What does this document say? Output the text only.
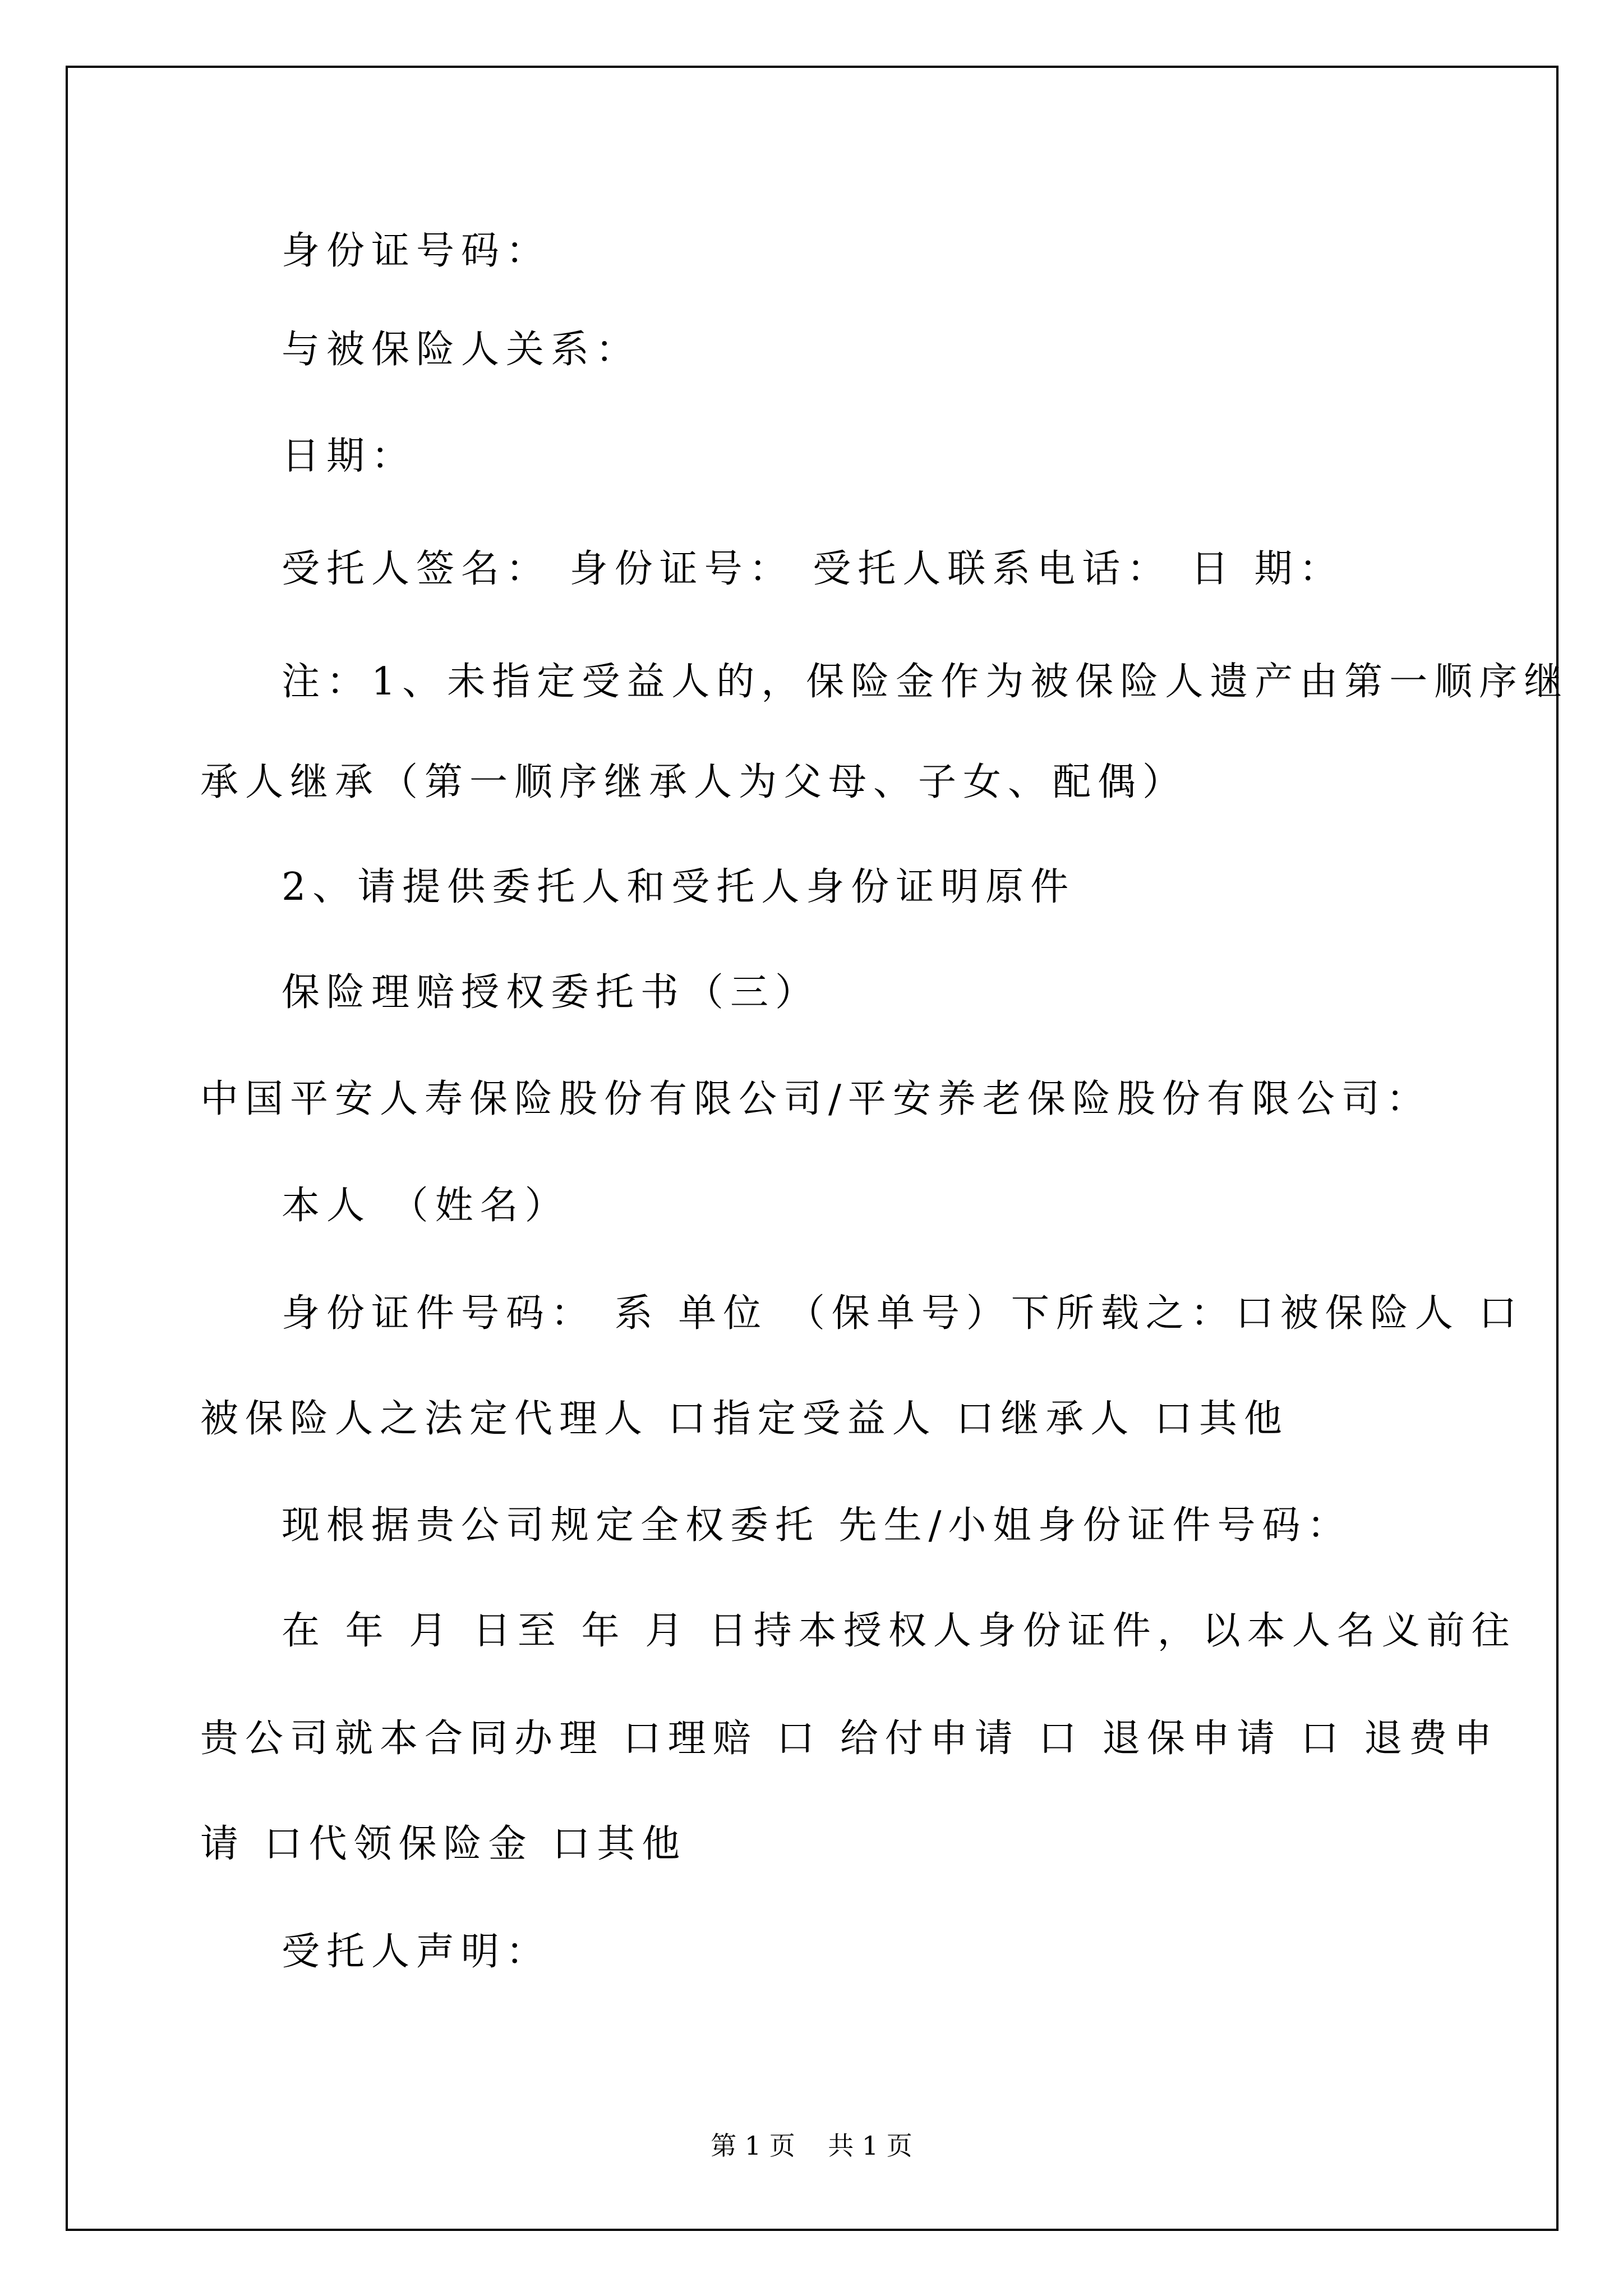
身份证号码：

与被保险人关系：

日期：

受托人签名： 身份证号： 受托人联系电话： 日 期：

注：1、未指定受益人的，保险金作为被保险人遗产由第一顺序继

承人继承（第一顺序继承人为父母、子女、配偶）

2、请提供委托人和受托人身份证明原件

保险理赔授权委托书（三）

中国平安人寿保险股份有限公司/平安养老保险股份有限公司：

本人 （姓名）

身份证件号码： 系 单位 （保单号）下所载之：口被保险人 口

被保险人之法定代理人 口指定受益人 口继承人 口其他

现根据贵公司规定全权委托 先生/小姐身份证件号码：

在 年 月 日至 年 月 日持本授权人身份证件，以本人名义前往

贵公司就本合同办理 口理赔 口 给付申请 口 退保申请 口 退费申

请 口代领保险金 口其他

受托人声明：

第 1 页    共 1 页
